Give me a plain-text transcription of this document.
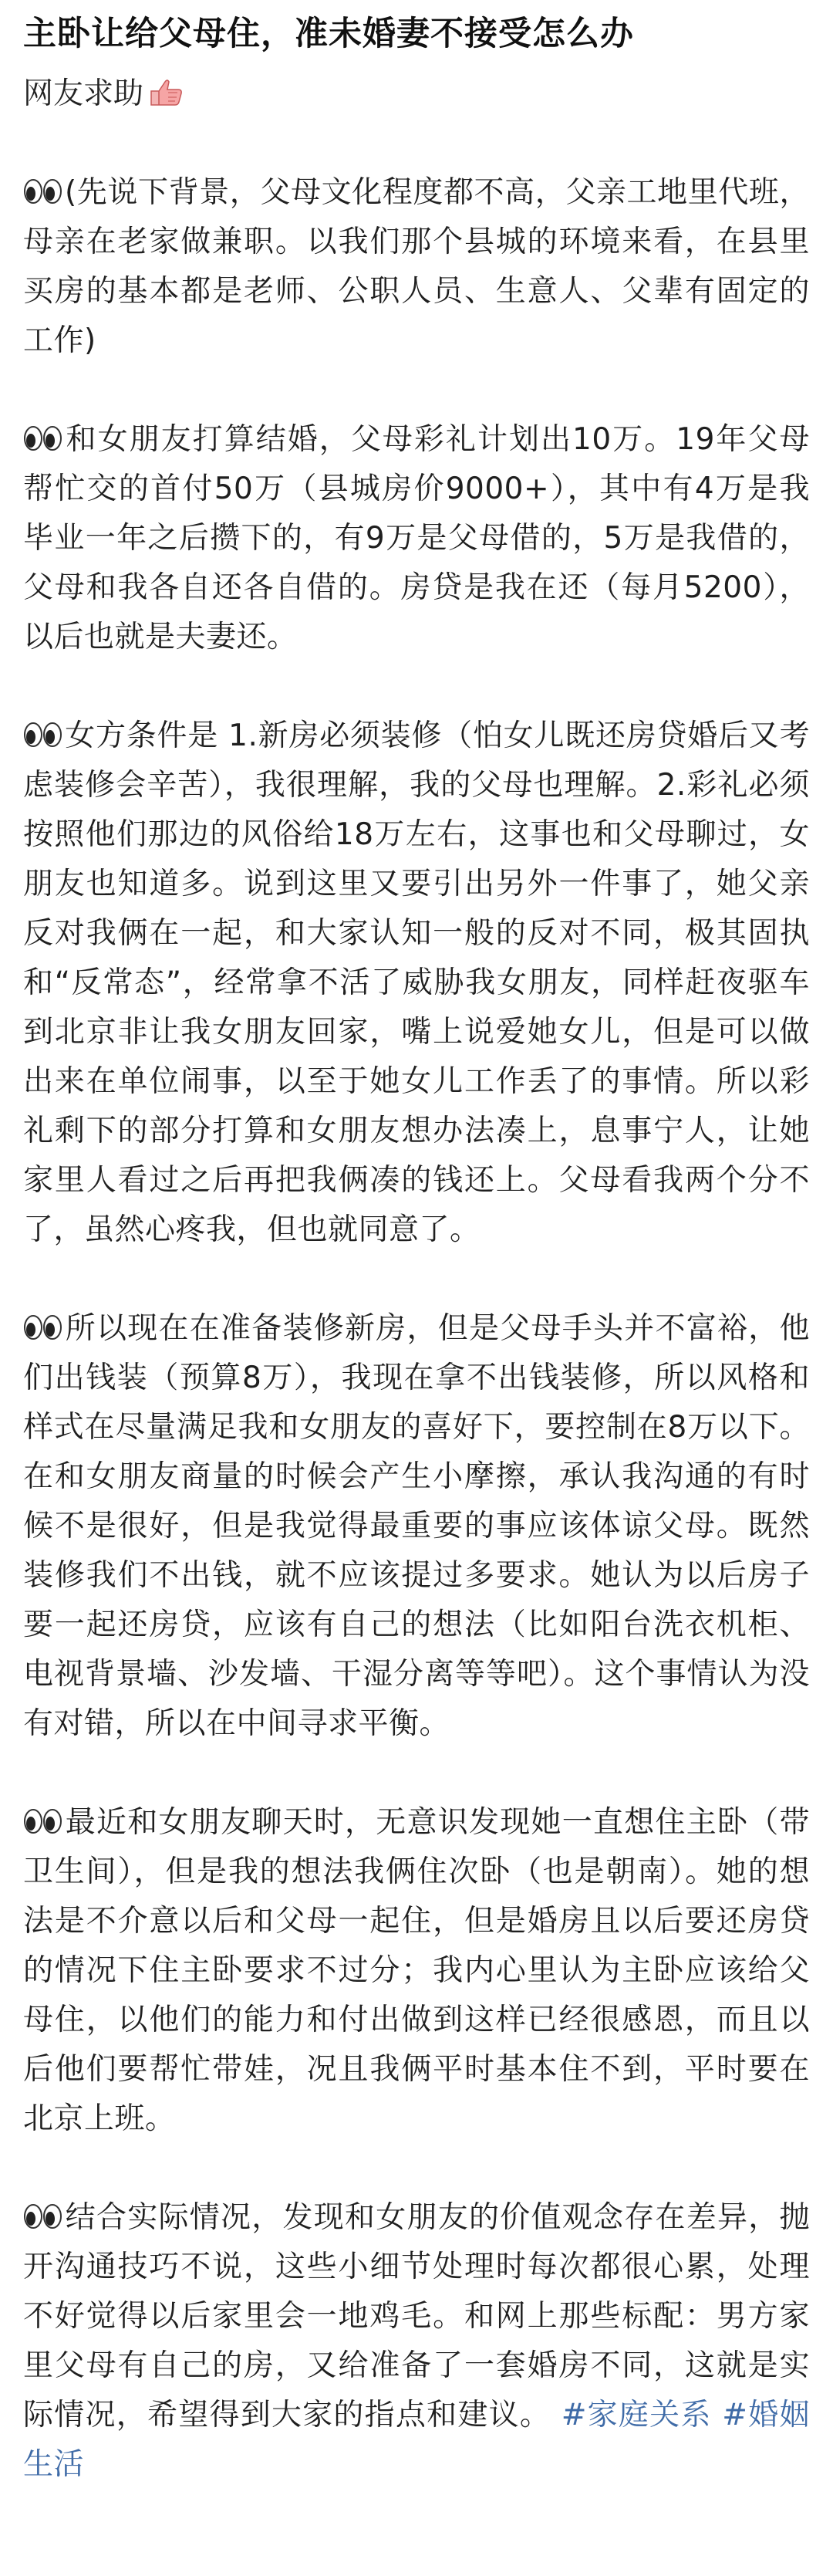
主卧让给父母住，准未婚妻不接受怎么办
网友求助

(先说下背景，父母文化程度都不高，父亲工地里代班，母亲在老家做兼职。以我们那个县城的环境来看，在县里买房的基本都是老师、公职人员、生意人、父辈有固定的工作)

和女朋友打算结婚，父母彩礼计划出10万。19年父母帮忙交的首付50万（县城房价9000+），其中有4万是我毕业一年之后攒下的，有9万是父母借的，5万是我借的，父母和我各自还各自借的。房贷是我在还（每月5200），以后也就是夫妻还。

女方条件是 1.新房必须装修（怕女儿既还房贷婚后又考虑装修会辛苦），我很理解，我的父母也理解。2.彩礼必须按照他们那边的风俗给18万左右，这事也和父母聊过，女朋友也知道多。说到这里又要引出另外一件事了，她父亲反对我俩在一起，和大家认知一般的反对不同，极其固执和“反常态”，经常拿不活了威胁我女朋友，同样赶夜驱车到北京非让我女朋友回家，嘴上说爱她女儿，但是可以做出来在单位闹事，以至于她女儿工作丢了的事情。所以彩礼剩下的部分打算和女朋友想办法凑上，息事宁人，让她家里人看过之后再把我俩凑的钱还上。父母看我两个分不了，虽然心疼我，但也就同意了。

所以现在在准备装修新房，但是父母手头并不富裕，他们出钱装（预算8万），我现在拿不出钱装修，所以风格和样式在尽量满足我和女朋友的喜好下，要控制在8万以下。在和女朋友商量的时候会产生小摩擦，承认我沟通的有时候不是很好，但是我觉得最重要的事应该体谅父母。既然装修我们不出钱，就不应该提过多要求。她认为以后房子要一起还房贷，应该有自己的想法（比如阳台洗衣机柜、电视背景墙、沙发墙、干湿分离等等吧）。这个事情认为没有对错，所以在中间寻求平衡。

最近和女朋友聊天时，无意识发现她一直想住主卧（带卫生间），但是我的想法我俩住次卧（也是朝南）。她的想法是不介意以后和父母一起住，但是婚房且以后要还房贷的情况下住主卧要求不过分；我内心里认为主卧应该给父母住，以他们的能力和付出做到这样已经很感恩，而且以后他们要帮忙带娃，况且我俩平时基本住不到，平时要在北京上班。

结合实际情况，发现和女朋友的价值观念存在差异，抛开沟通技巧不说，这些小细节处理时每次都很心累，处理不好觉得以后家里会一地鸡毛。和网上那些标配：男方家里父母有自己的房，又给准备了一套婚房不同，这就是实际情况，希望得到大家的指点和建议。 #家庭关系 #婚姻生活
